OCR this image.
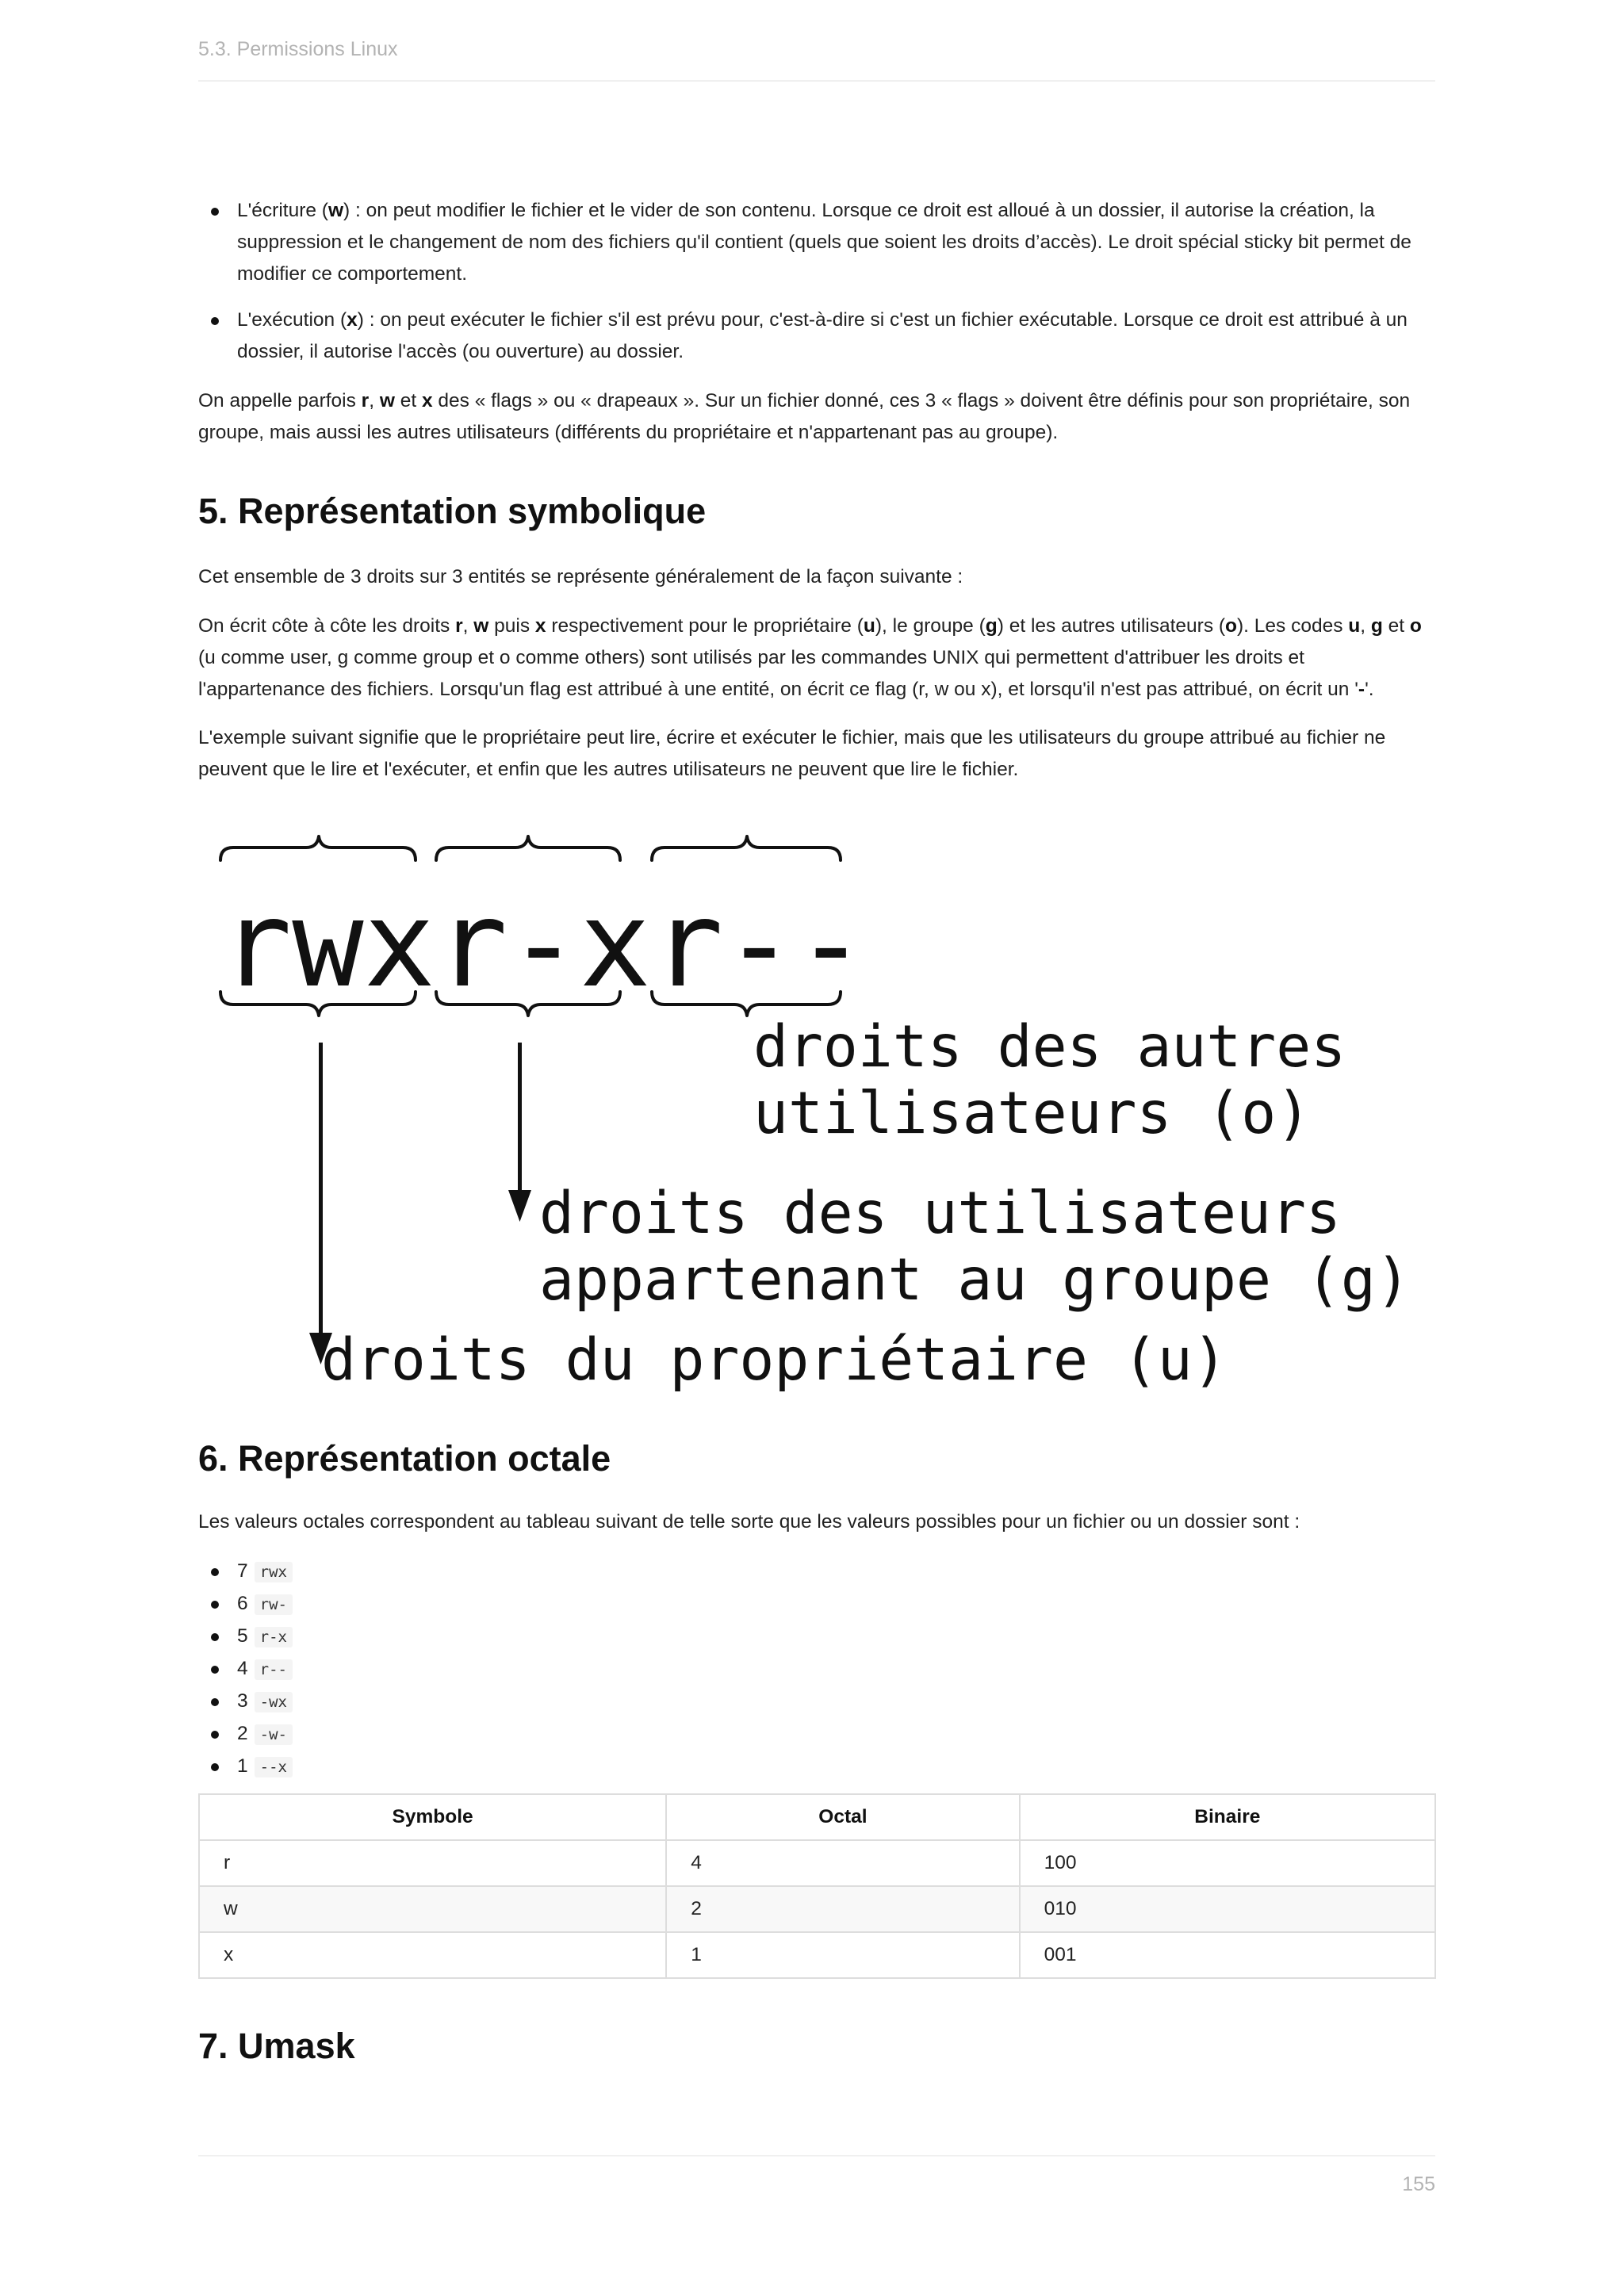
5.3. Permissions Linux
L'écriture (w) : on peut modifier le fichier et le vider de son contenu. Lorsque ce droit est alloué à un dossier, il autorise la création, la suppression et le changement de nom des fichiers qu'il contient (quels que soient les droits d’accès). Le droit spécial sticky bit permet de modifier ce comportement.
L'exécution (x) : on peut exécuter le fichier s'il est prévu pour, c'est-à-dire si c'est un fichier exécutable. Lorsque ce droit est attribué à un dossier, il autorise l'accès (ou ouverture) au dossier.

On appelle parfois r, w et x des « flags » ou « drapeaux ». Sur un fichier donné, ces 3 « flags » doivent être définis pour son propriétaire, son groupe, mais aussi les autres utilisateurs (différents du propriétaire et n'appartenant pas au groupe).

5. Représentation symbolique

Cet ensemble de 3 droits sur 3 entités se représente généralement de la façon suivante :

On écrit côte à côte les droits r, w puis x respectivement pour le propriétaire (u), le groupe (g) et les autres utilisateurs (o). Les codes u, g et o (u comme user, g comme group et o comme others) sont utilisés par les commandes UNIX qui permettent d'attribuer les droits et l'appartenance des fichiers. Lorsqu'un flag est attribué à une entité, on écrit ce flag (r, w ou x), et lorsqu'il n'est pas attribué, on écrit un '-'.

L'exemple suivant signifie que le propriétaire peut lire, écrire et exécuter le fichier, mais que les utilisateurs du groupe attribué au fichier ne peuvent que le lire et l'exécuter, et enfin que les autres utilisateurs ne peuvent que lire le fichier.

6. Représentation octale

Les valeurs octales correspondent au tableau suivant de telle sorte que les valeurs possibles pour un fichier ou un dossier sont :

7 rwx
6 rw-
5 r-x
4 r--
3 -wx
2 -w-
1 --x
7. Umask
rwx r-x r--
droits des autres
utilisateurs (o)
droits des utilisateurs
appartenant au groupe (g)
droits du propriétaire (u)
Symbole	Octal	Binaire
r	4	100
w	2	010
x	1	001
155
